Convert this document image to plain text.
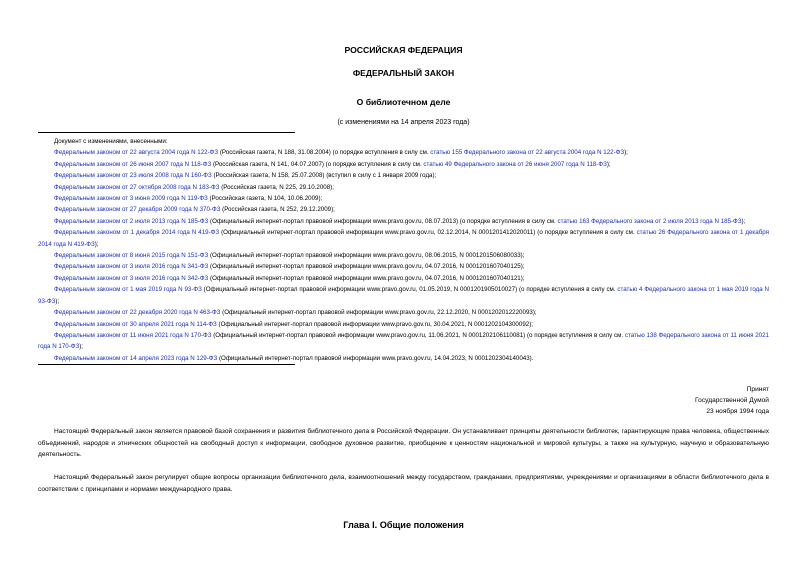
РОССИЙСКАЯ ФЕДЕРАЦИЯ
ФЕДЕРАЛЬНЫЙ ЗАКОН
О библиотечном деле
(с изменениями на 14 апреля 2023 года)
Документ с изменениями, внесенными:
Федеральным законом от 22 августа 2004 года N 122-ФЗ (Российская газета, N 188, 31.08.2004) (о порядке вступления в силу см. статью 155 Федерального закона от 22 августа 2004 года N 122-ФЗ);
Федеральным законом от 26 июня 2007 года N 118-ФЗ (Российская газета, N 141, 04.07.2007) (о порядке вступления в силу см. статью 49 Федерального закона от 26 июня 2007 года N 118-ФЗ);
Федеральным законом от 23 июля 2008 года N 160-ФЗ (Российская газета, N 158, 25.07.2008) (вступил в силу с 1 января 2009 года);
Федеральным законом от 27 октября 2008 года N 183-ФЗ (Российская газета, N 225, 29.10.2008);
Федеральным законом от 3 июня 2009 года N 119-ФЗ (Российская газета, N 104, 10.06.2009);
Федеральным законом от 27 декабря 2009 года N 370-ФЗ (Российская газета, N 252, 29.12.2009);
Федеральным законом от 2 июля 2013 года N 185-ФЗ (Официальный интернет-портал правовой информации www.pravo.gov.ru, 08.07.2013) (о порядке вступления в силу см. статью 163 Федерального закона от 2 июля 2013 года N 185-ФЗ);
Федеральным законом от 1 декабря 2014 года N 419-ФЗ (Официальный интернет-портал правовой информации www.pravo.gov.ru, 02.12.2014, N 0001201412020011) (о порядке вступления в силу см. статью 26 Федерального закона от 1 декабря 2014 года N 419-ФЗ);
Федеральным законом от 8 июня 2015 года N 151-ФЗ (Официальный интернет-портал правовой информации www.pravo.gov.ru, 08.06.2015, N 0001201506080033);
Федеральным законом от 3 июля 2016 года N 341-ФЗ (Официальный интернет-портал правовой информации www.pravo.gov.ru, 04.07.2016, N 0001201607040125);
Федеральным законом от 3 июля 2016 года N 342-ФЗ (Официальный интернет-портал правовой информации www.pravo.gov.ru, 04.07.2016, N 0001201607040121);
Федеральным законом от 1 мая 2019 года N 93-ФЗ (Официальный интернет-портал правовой информации www.pravo.gov.ru, 01.05.2019, N 0001201905010027) (о порядке вступления в силу см. статью 4 Федерального закона от 1 мая 2019 года N 93-ФЗ);
Федеральным законом от 22 декабря 2020 года N 463-ФЗ (Официальный интернет-портал правовой информации www.pravo.gov.ru, 22.12.2020, N 0001202012220093);
Федеральным законом от 30 апреля 2021 года N 114-ФЗ (Официальный интернет-портал правовой информации www.pravo.gov.ru, 30.04.2021, N 0001202104300092);
Федеральным законом от 11 июня 2021 года N 170-ФЗ (Официальный интернет-портал правовой информации www.pravo.gov.ru, 11.06.2021, N 0001202106110081) (о порядке вступления в силу см. статью 138 Федерального закона от 11 июня 2021 года N 170-ФЗ);
Федеральным законом от 14 апреля 2023 года N 129-ФЗ (Официальный интернет-портал правовой информации www.pravo.gov.ru, 14.04.2023, N 0001202304140043).
Принят
Государственной Думой
23 ноября 1994 года
Настоящий Федеральный закон является правовой базой сохранения и развития библиотечного дела в Российской Федерации. Он устанавливает принципы деятельности библиотек, гарантирующие права человека, общественных объединений, народов и этнических общностей на свободный доступ к информации, свободное духовное развитие, приобщение к ценностям национальной и мировой культуры, а также на культурную, научную и образовательную деятельность.
Настоящий Федеральный закон регулирует общие вопросы организации библиотечного дела, взаимоотношений между государством, гражданами, предприятиями, учреждениями и организациями в области библиотечного дела в соответствии с принципами и нормами международного права.
Глава I. Общие положения
